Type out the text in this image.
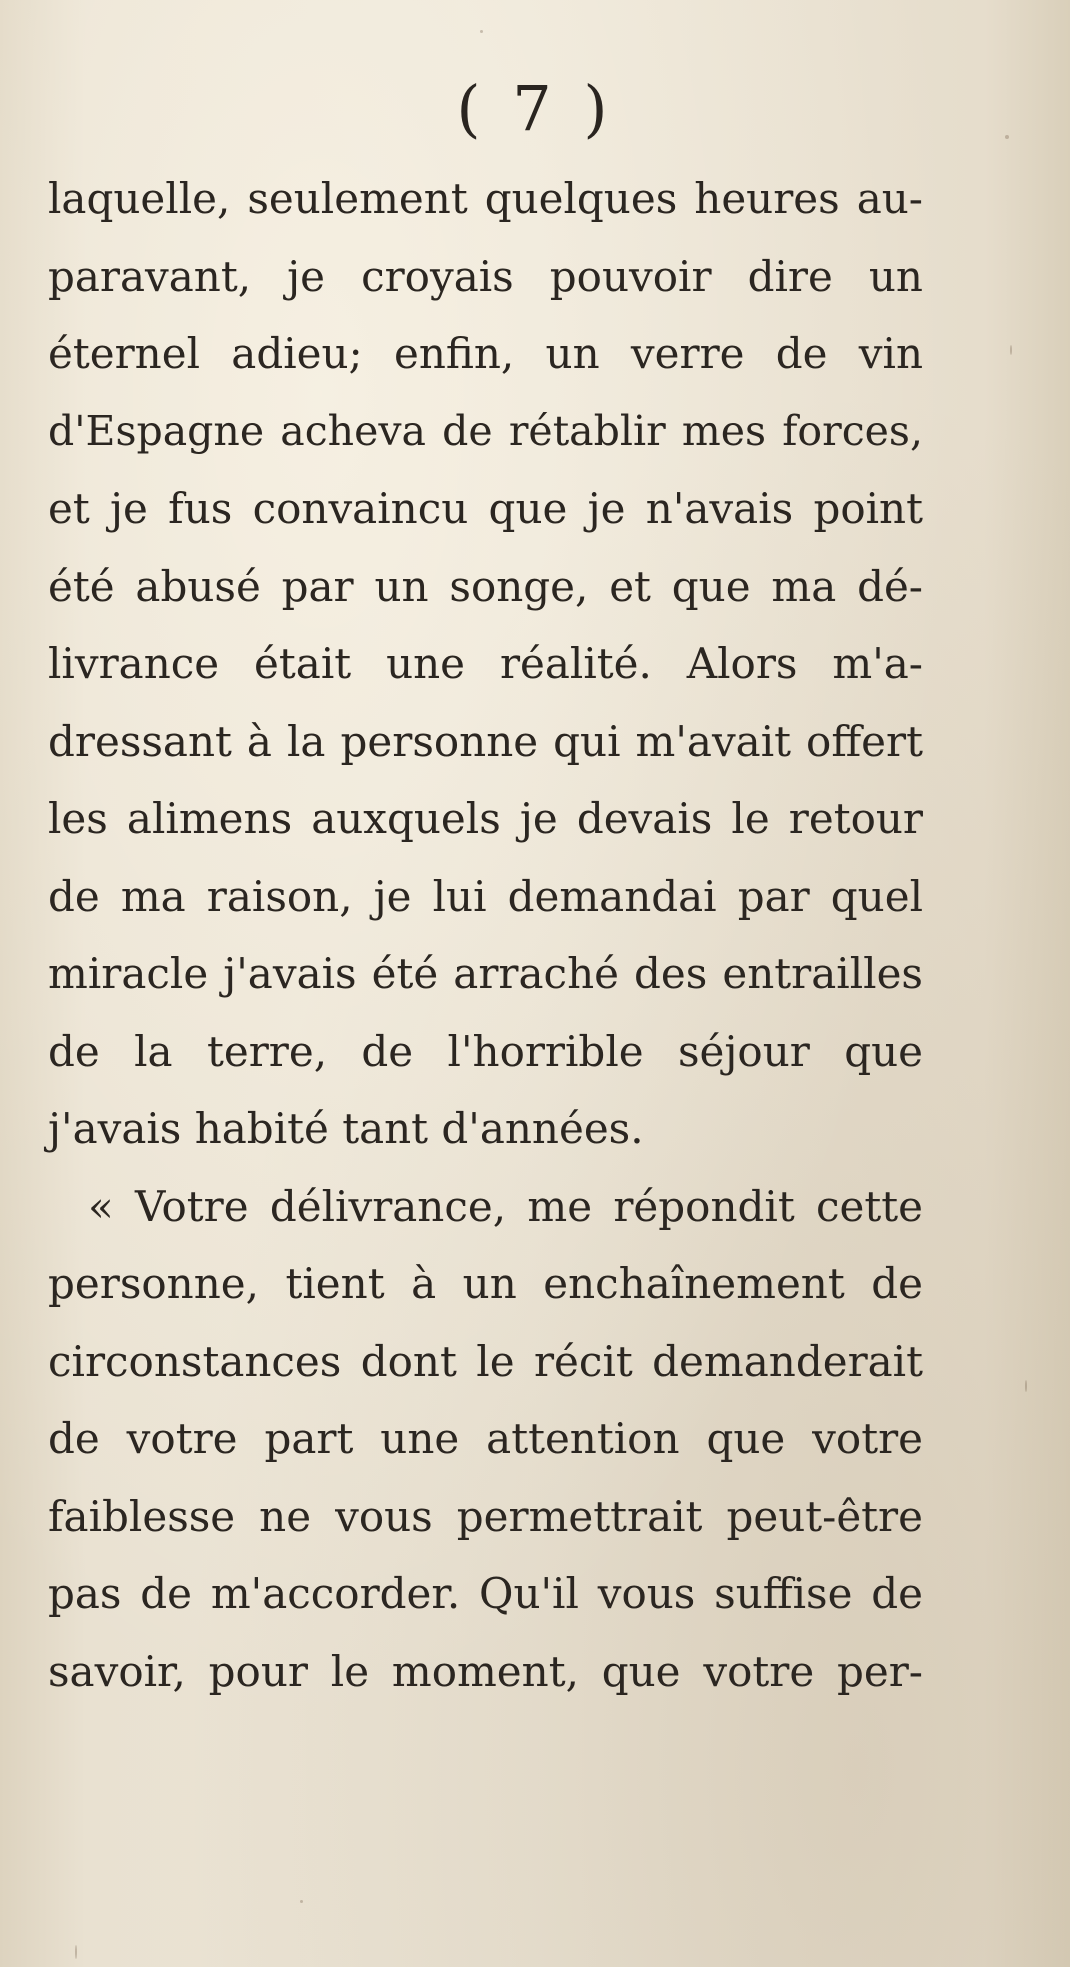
( 7 )
laquelle, seulement quelques heures au-
paravant, je croyais pouvoir dire un
éternel adieu; enfin, un verre de vin
d'Espagne acheva de rétablir mes forces,
et je fus convaincu que je n'avais point
été abusé par un songe, et que ma dé-
livrance était une réalité. Alors m'a-
dressant à la personne qui m'avait offert
les alimens auxquels je devais le retour
de ma raison, je lui demandai par quel
miracle j'avais été arraché des entrailles
de la terre, de l'horrible séjour que
j'avais habité tant d'années.
« Votre délivrance, me répondit cette
personne, tient à un enchaînement de
circonstances dont le récit demanderait
de votre part une attention que votre
faiblesse ne vous permettrait peut-être
pas de m'accorder. Qu'il vous suffise de
savoir, pour le moment, que votre per-
